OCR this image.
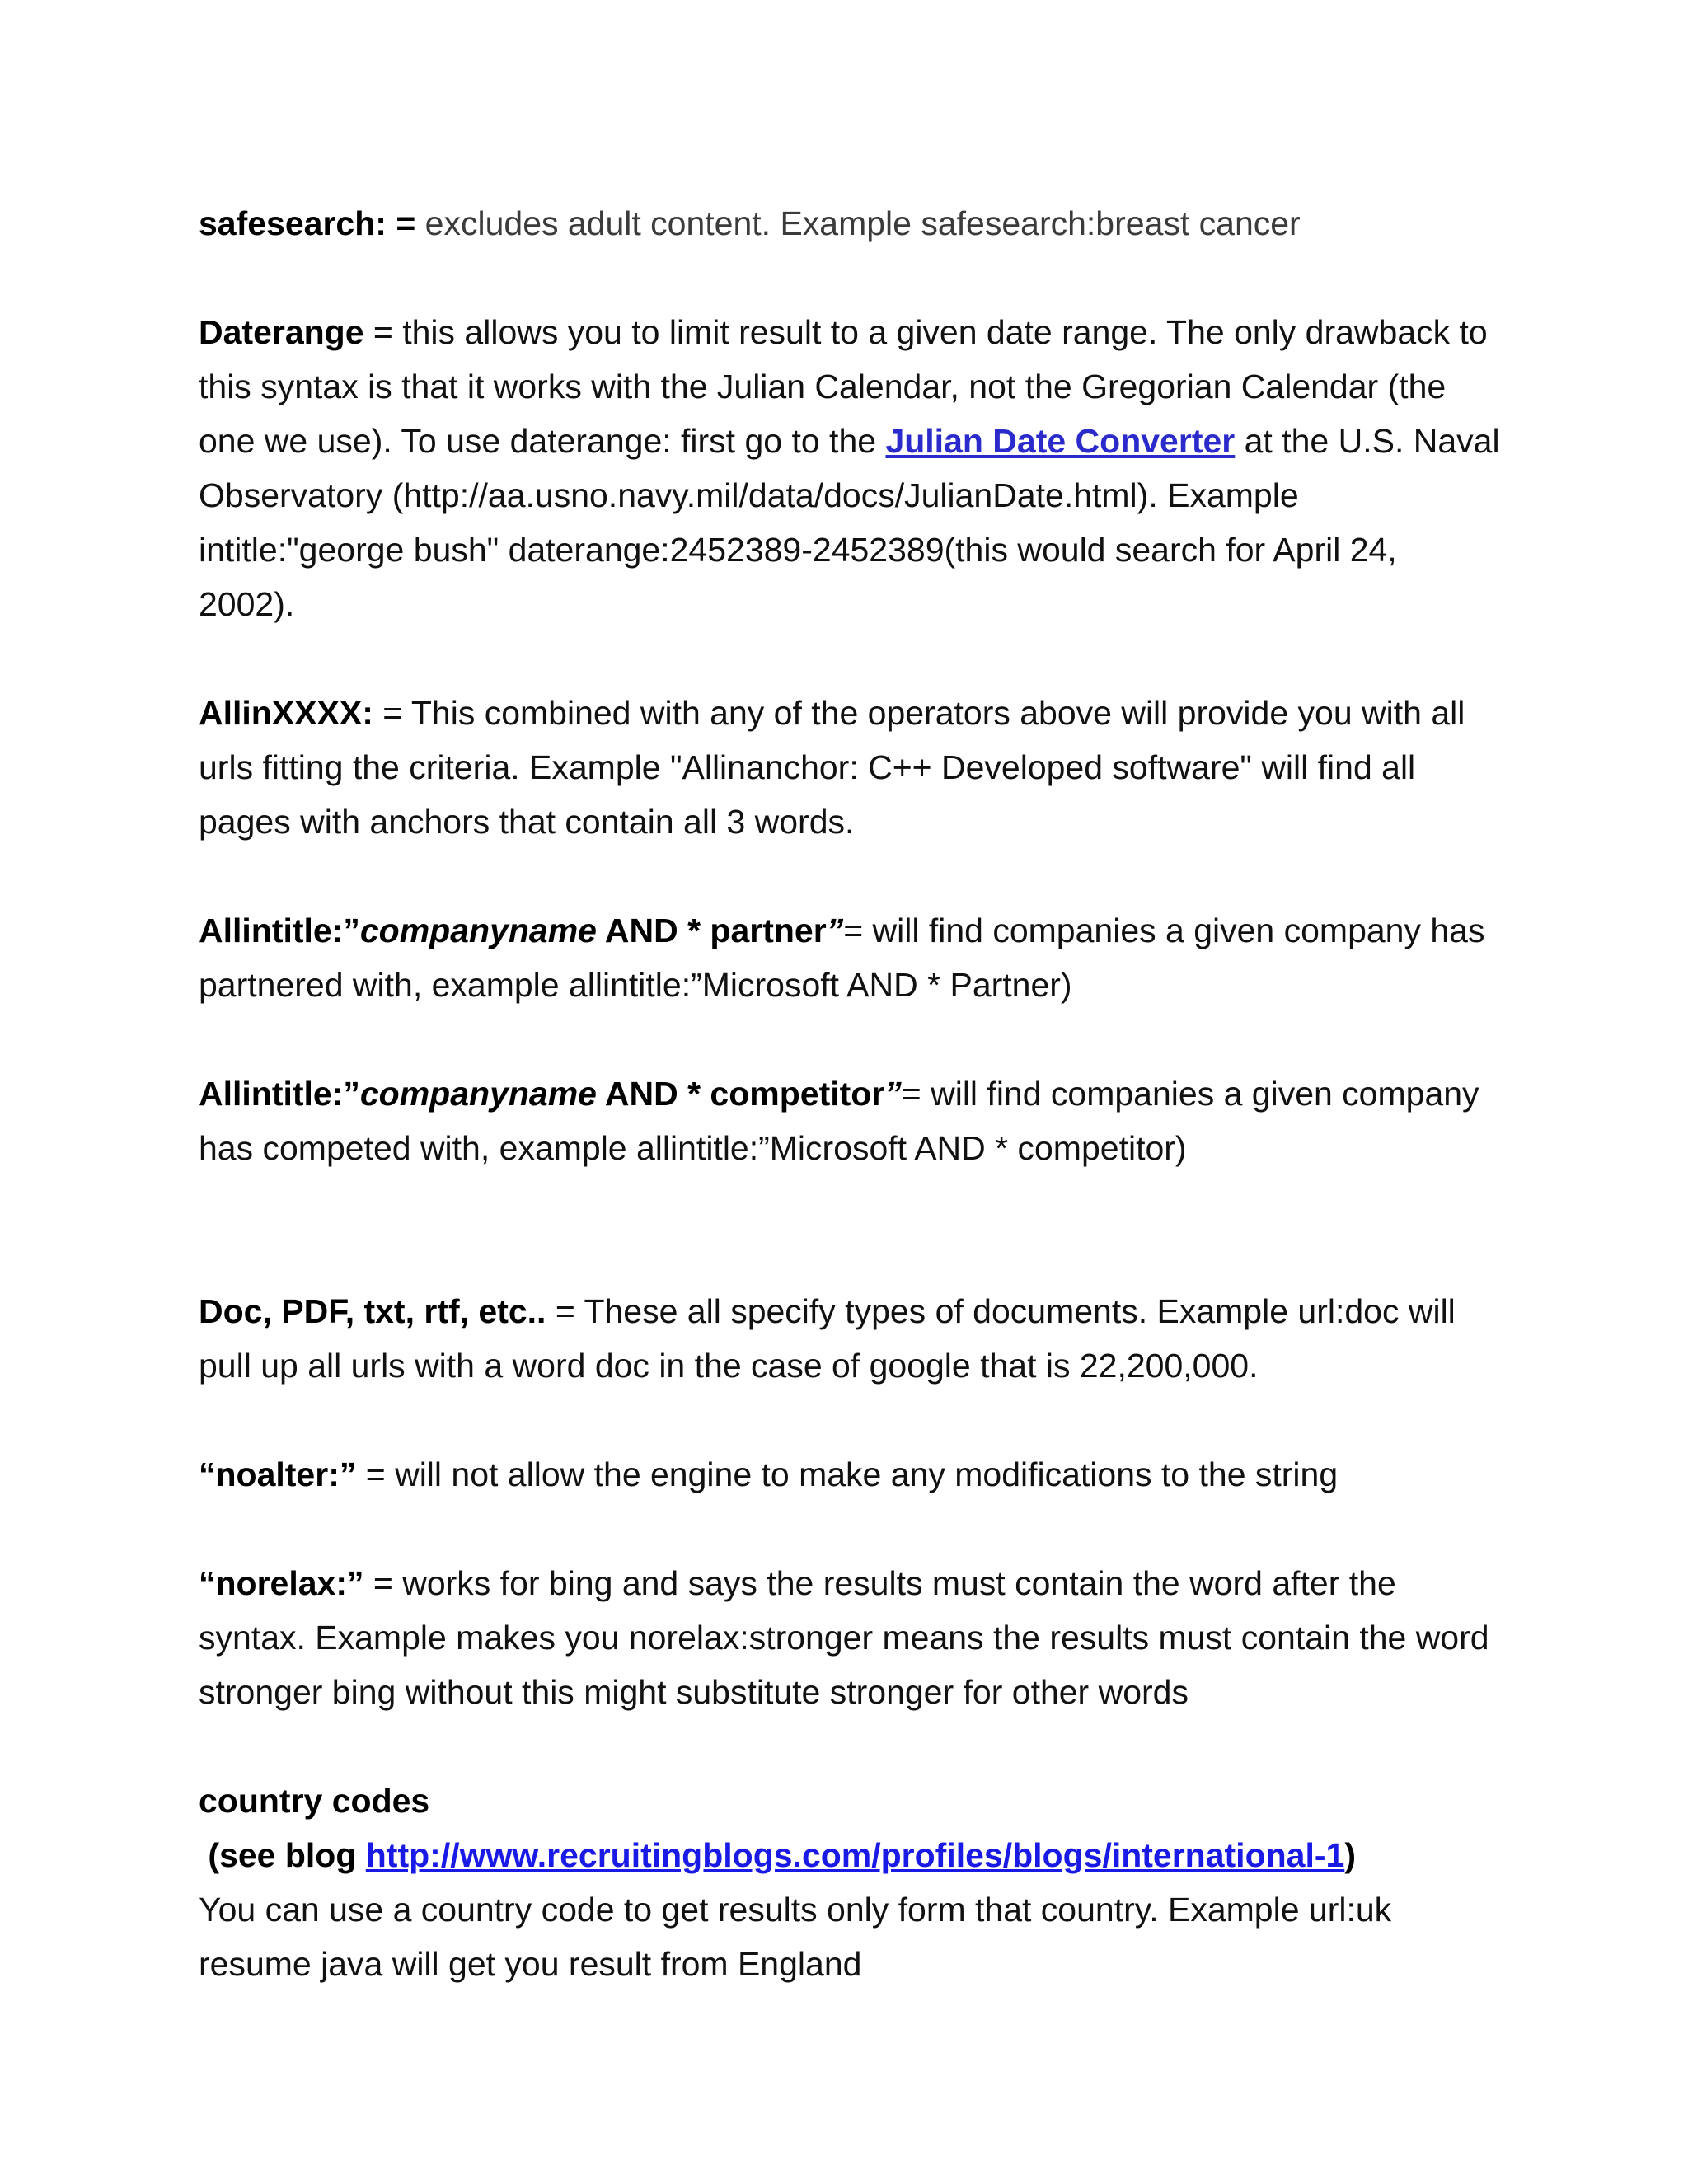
safesearch: = excludes adult content. Example safesearch:breast cancer

Daterange = this allows you to limit result to a given date range. The only drawback to this syntax is that it works with the Julian Calendar, not the Gregorian Calendar (the one we use). To use daterange: first go to the Julian Date Converter at the U.S. Naval Observatory (http://aa.usno.navy.mil/data/docs/JulianDate.html). Example intitle:"george bush" daterange:2452389-2452389(this would search for April 24, 2002).

AllinXXXX: = This combined with any of the operators above will provide you with all urls fitting the criteria. Example "Allinanchor: C++ Developed software" will find all pages with anchors that contain all 3 words.

Allintitle:”companyname AND * partner”= will find companies a given company has partnered with, example allintitle:”Microsoft AND * Partner)

Allintitle:”companyname AND * competitor”= will find companies a given company has competed with, example allintitle:”Microsoft AND * competitor)

Doc, PDF, txt, rtf, etc.. = These all specify types of documents. Example url:doc will pull up all urls with a word doc in the case of google that is 22,200,000.

“noalter:” = will not allow the engine to make any modifications to the string

“norelax:” = works for bing and says the results must contain the word after the syntax. Example makes you norelax:stronger means the results must contain the word stronger bing without this might substitute stronger for other words

country codes

(see blog http://www.recruitingblogs.com/profiles/blogs/international-1)

You can use a country code to get results only form that country. Example url:uk resume java will get you result from England
